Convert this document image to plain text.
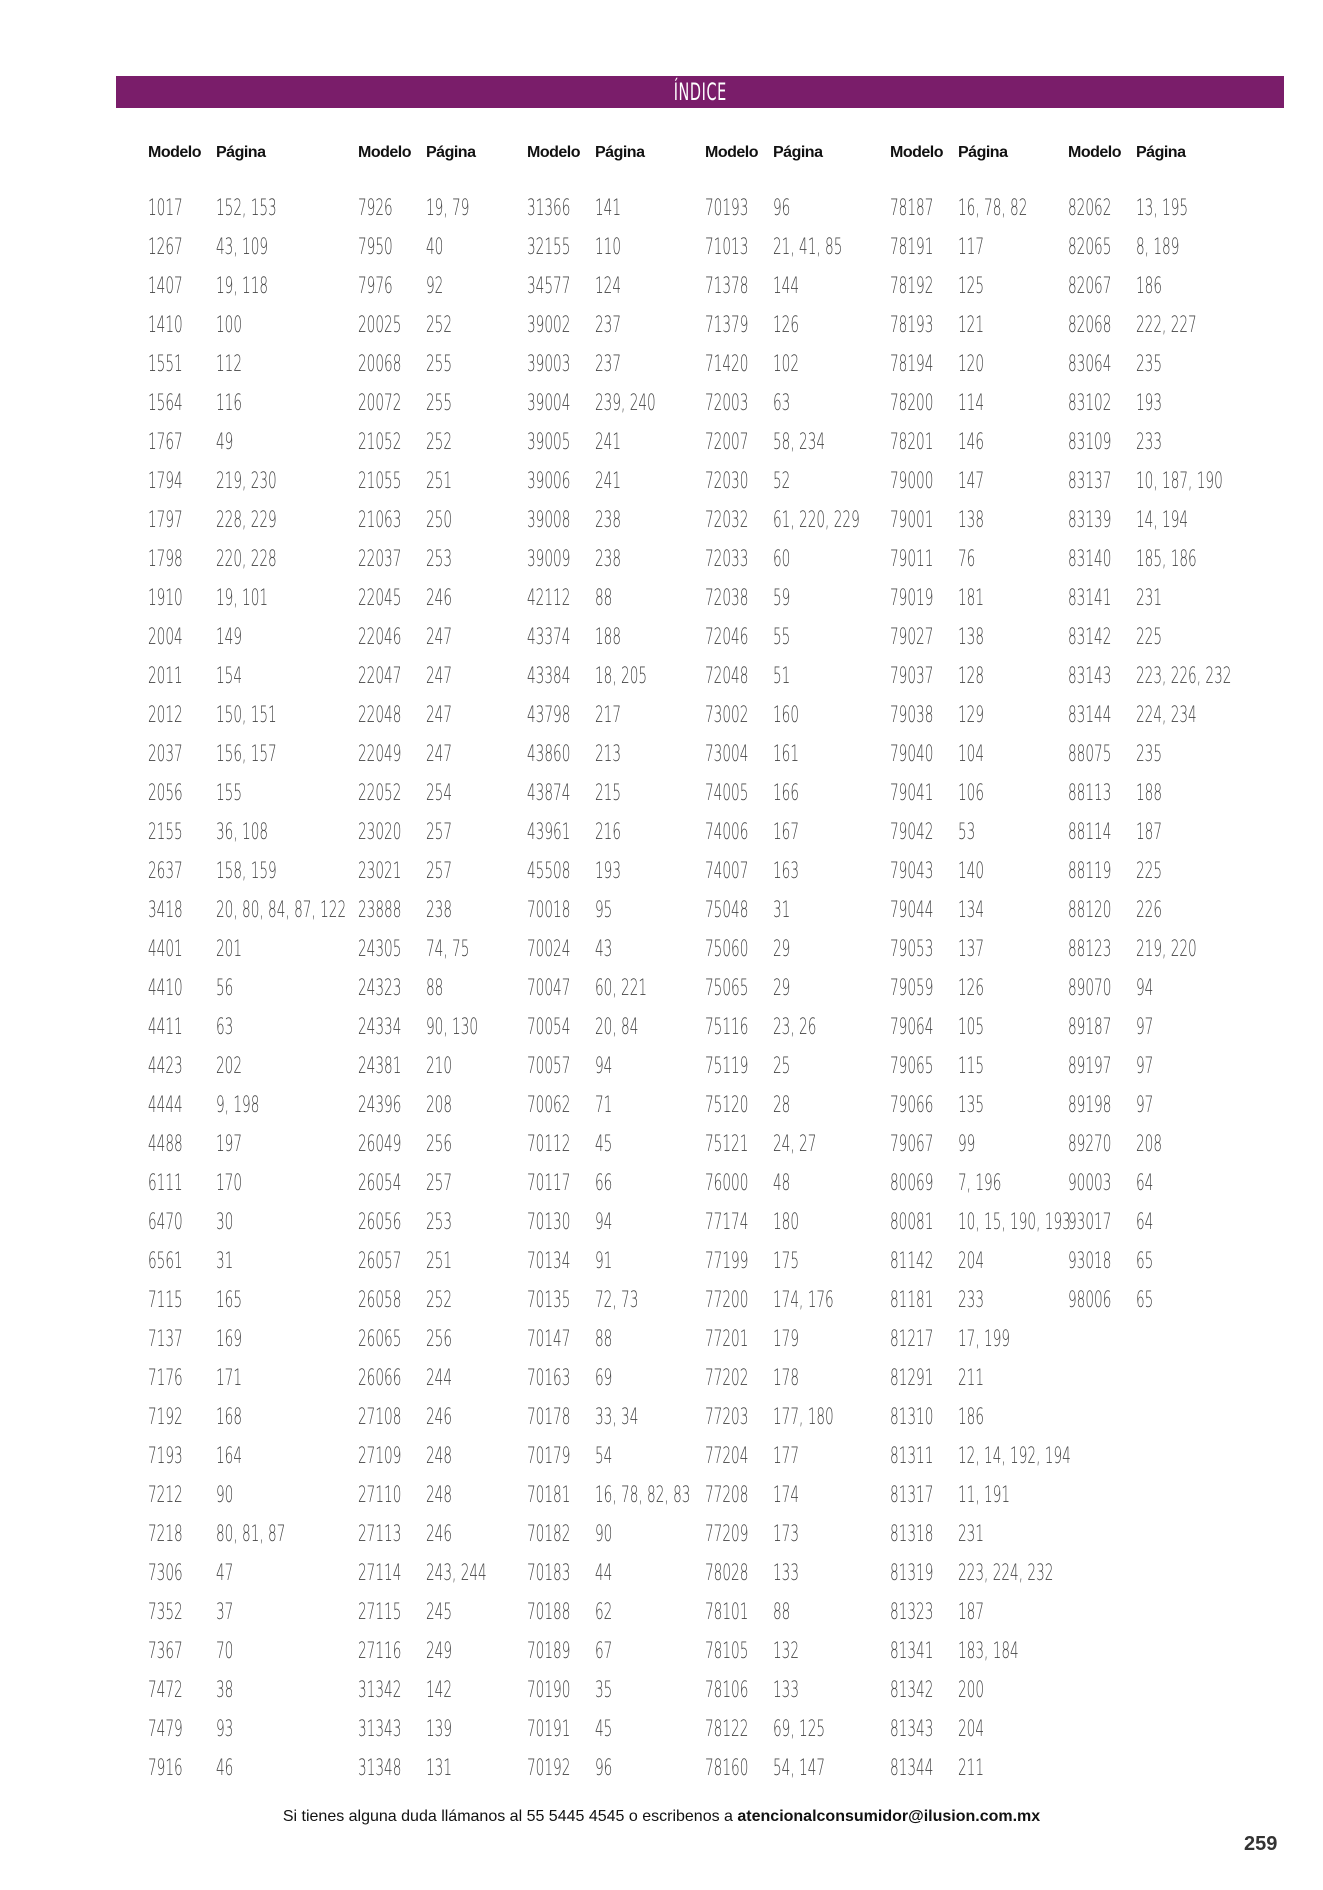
ÍNDICE
Modelo Página
1017 152, 153
1267 43, 109
1407 19, 118
1410 100
1551 112
1564 116
1767 49
1794 219, 230
1797 228, 229
1798 220, 228
1910 19, 101
2004 149
2011 154
2012 150, 151
2037 156, 157
2056 155
2155 36, 108
2637 158, 159
3418 20, 80, 84, 87, 122
4401 201
4410 56
4411 63
4423 202
4444 9, 198
4488 197
6111 170
6470 30
6561 31
7115 165
7137 169
7176 171
7192 168
7193 164
7212 90
7218 80, 81, 87
7306 47
7352 37
7367 70
7472 38
7479 93
7916 46
Modelo Página
7926 19, 79
7950 40
7976 92
20025 252
20068 255
20072 255
21052 252
21055 251
21063 250
22037 253
22045 246
22046 247
22047 247
22048 247
22049 247
22052 254
23020 257
23021 257
23888 238
24305 74, 75
24323 88
24334 90, 130
24381 210
24396 208
26049 256
26054 257
26056 253
26057 251
26058 252
26065 256
26066 244
27108 246
27109 248
27110 248
27113 246
27114 243, 244
27115 245
27116 249
31342 142
31343 139
31348 131
Modelo Página
31366 141
32155 110
34577 124
39002 237
39003 237
39004 239, 240
39005 241
39006 241
39008 238
39009 238
42112 88
43374 188
43384 18, 205
43798 217
43860 213
43874 215
43961 216
45508 193
70018 95
70024 43
70047 60, 221
70054 20, 84
70057 94
70062 71
70112 45
70117 66
70130 94
70134 91
70135 72, 73
70147 88
70163 69
70178 33, 34
70179 54
70181 16, 78, 82, 83
70182 90
70183 44
70188 62
70189 67
70190 35
70191 45
70192 96
Modelo Página
70193 96
71013 21, 41, 85
71378 144
71379 126
71420 102
72003 63
72007 58, 234
72030 52
72032 61, 220, 229
72033 60
72038 59
72046 55
72048 51
73002 160
73004 161
74005 166
74006 167
74007 163
75048 31
75060 29
75065 29
75116 23, 26
75119 25
75120 28
75121 24, 27
76000 48
77174 180
77199 175
77200 174, 176
77201 179
77202 178
77203 177, 180
77204 177
77208 174
77209 173
78028 133
78101 88
78105 132
78106 133
78122 69, 125
78160 54, 147
Modelo Página
78187 16, 78, 82
78191 117
78192 125
78193 121
78194 120
78200 114
78201 146
79000 147
79001 138
79011 76
79019 181
79027 138
79037 128
79038 129
79040 104
79041 106
79042 53
79043 140
79044 134
79053 137
79059 126
79064 105
79065 115
79066 135
79067 99
80069 7, 196
80081 10, 15, 190, 193
81142 204
81181 233
81217 17, 199
81291 211
81310 186
81311 12, 14, 192, 194
81317 11, 191
81318 231
81319 223, 224, 232
81323 187
81341 183, 184
81342 200
81343 204
81344 211
Modelo Página
82062 13, 195
82065 8, 189
82067 186
82068 222, 227
83064 235
83102 193
83109 233
83137 10, 187, 190
83139 14, 194
83140 185, 186
83141 231
83142 225
83143 223, 226, 232
83144 224, 234
88075 235
88113 188
88114 187
88119 225
88120 226
88123 219, 220
89070 94
89187 97
89197 97
89198 97
89270 208
90003 64
93017 64
93018 65
98006 65
Si tienes alguna duda llámanos al 55 5445 4545 o escribenos a atencionalconsumidor@ilusion.com.mx
259
